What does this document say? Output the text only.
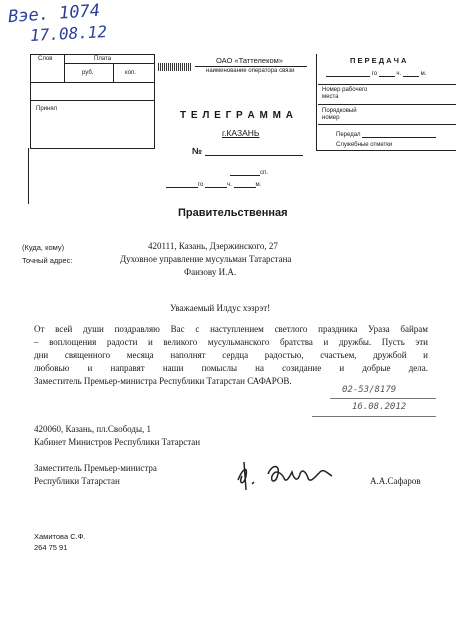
Вэе. 1074
17.08.12
Слов	Плата
руб.	коп.
Принял
ОАО «Таттелеком»
наименование оператора связи
П Е Р Е Д А Ч А
го	ч.	м.
Номер рабочего места
Порядковый номер
Передал
Служебные отметки
Т Е Л Е Г Р А М М А
г.КАЗАНЬ
№
сп.
го	ч.	м.
Правительственная
(Куда, кому)
Точный адрес:
420111, Казань, Дзержинского, 27
Духовное управление мусульман Татарстана
Фаизову И.А.
Уважаемый Илдус хэзрэт!
От всей души поздравляю Вас с наступлением светлого праздника Ураза байрам
– воплощения радости и великого мусульманского братства и дружбы. Пусть эти
дни священного месяца наполнят сердца радостью, счастьем, дружбой и
любовью и направят наши помыслы на созидание и добрые дела.
Заместитель Премьер-министра Республики Татарстан САФАРОВ.
02-53/8179
16.08.2012
420060, Казань, пл.Свободы, 1
Кабинет Министров Республики Татарстан
Заместитель Премьер-министра
Республики Татарстан	А.А.Сафаров
Хамитова С.Ф.
264 75 91
